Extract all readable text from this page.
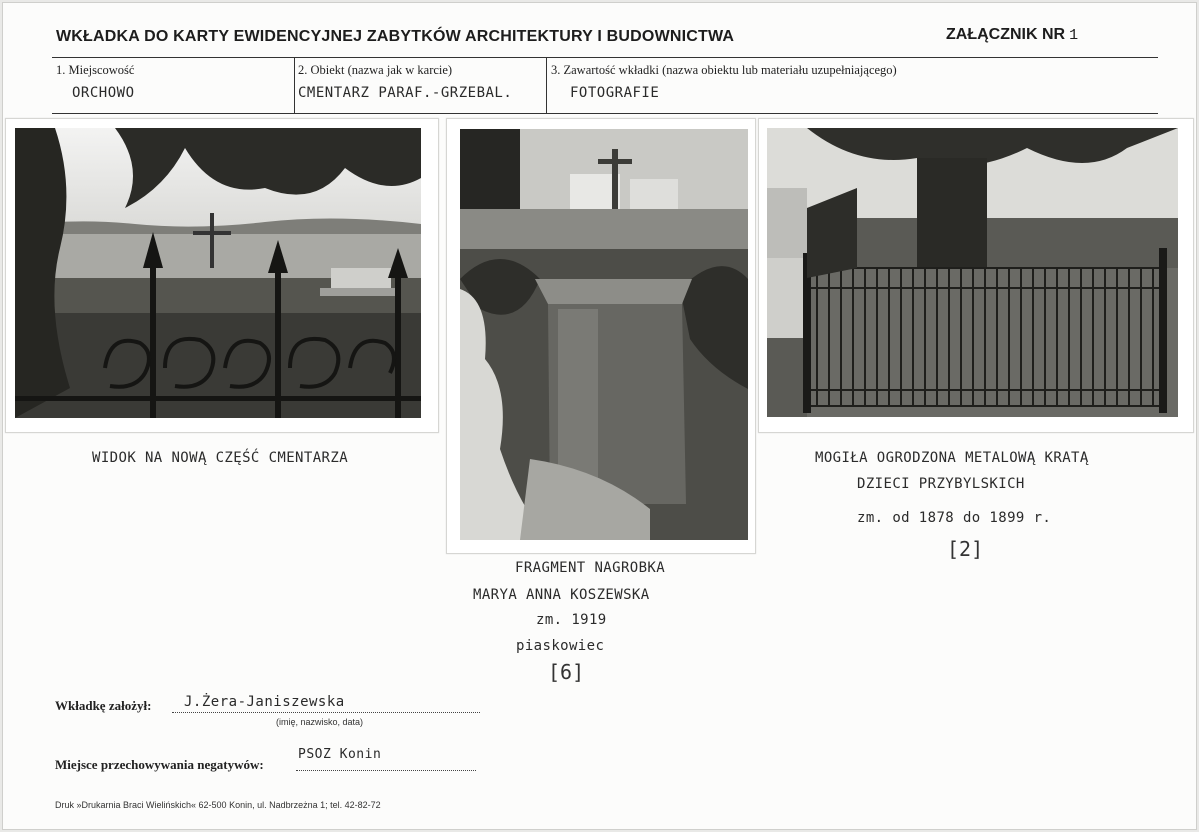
WKŁADKA DO KARTY EWIDENCYJNEJ ZABYTKÓW ARCHITEKTURY I BUDOWNICTWA	ZAŁĄCZNIK NR 1
1. Miejscowość
ORCHOWO
2. Obiekt (nazwa jak w karcie)
CMENTARZ PARAF.-GRZEBAL.
3. Zawartość wkładki (nazwa obiektu lub materiału uzupełniającego)
FOTOGRAFIE
WIDOK NA NOWĄ CZĘŚĆ CMENTARZA
FRAGMENT NAGROBKA
MARYA ANNA KOSZEWSKA
zm. 1919
piaskowiec
[6]
MOGIŁA OGRODZONA METALOWĄ KRATĄ
DZIECI PRZYBYLSKICH
zm. od 1878 do 1899 r.
[2]
Wkładkę założył: J.Żera-Janiszewska
(imię, nazwisko, data)
Miejsce przechowywania negatywów:
PSOZ Konin
Druk »Drukarnia Braci Wielińskich« 62-500 Konin, ul. Nadbrzeżna 1; tel. 42-82-72
